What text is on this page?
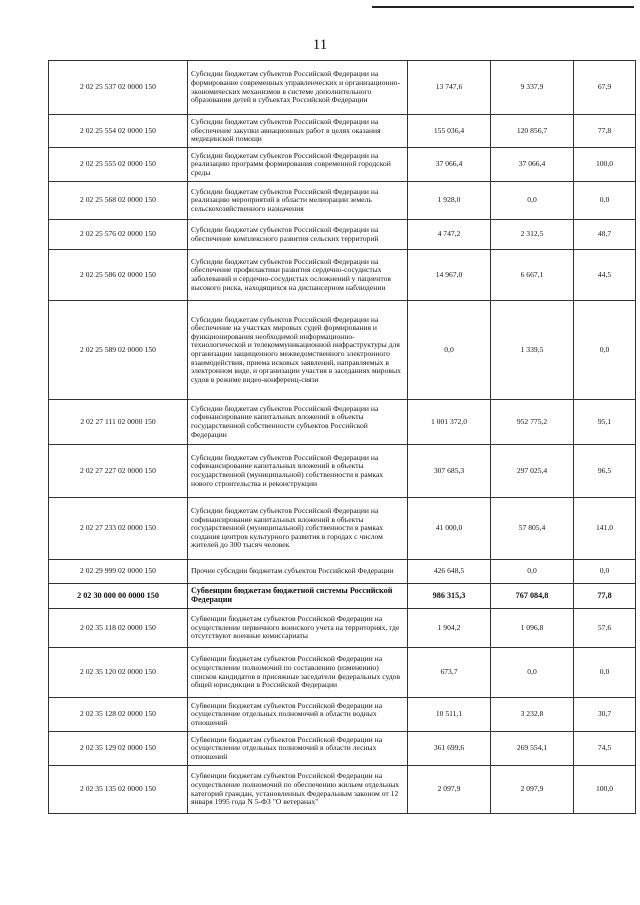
11
2 02 25 537 02 0000 150	Субсидии бюджетам субъектов Российской Федерации на формирование современных управленческих и организационно-экономических механизмов в системе дополнительного образования детей в субъектах Российской Федерации	13 747,6	9 337,9	67,9
2 02 25 554 02 0000 150	Субсидии бюджетам субъектов Российской Федерации на обеспечение закупки авиационных работ в целях оказания медицинской помощи	155 036,4	120 856,7	77,8
2 02 25 555 02 0000 150	Субсидии бюджетам субъектов Российской Федерации на реализацию программ формирования современной городской среды	37 066,4	37 066,4	100,0
2 02 25 568 02 0000 150	Субсидии бюджетам субъектов Российской Федерации на реализацию мероприятий в области мелиорации земель сельскохозяйственного назначения	1 928,0	0,0	0,0
2 02 25 576 02 0000 150	Субсидии бюджетам субъектов Российской Федерации на обеспечение комплексного развития сельских территорий	4 747,2	2 312,5	48,7
2 02 25 586 02 0000 150	Субсидии бюджетам субъектов Российской Федерации на обеспечение профилактики развития сердечно-сосудистых заболеваний и сердечно-сосудистых осложнений у пациентов высокого риска, находящихся на диспансерном наблюдении	14 967,0	6 667,1	44,5
2 02 25 589 02 0000 150	Субсидии бюджетам субъектов Российской Федерации на обеспечение на участках мировых судей формирования и функционирования необходимой информационно-технологической и телекоммуникационной инфраструктуры для организации защищенного межведомственного электронного взаимодействия, приема исковых заявлений, направляемых в электронном виде, и организации участия в заседаниях мировых судов в режиме видео-конференц-связи	0,0	1 339,5	0,0
2 02 27 111 02 0000 150	Субсидии бюджетам субъектов Российской Федерации на софинансирование капитальных вложений в объекты государственной собственности субъектов Российской Федерации	1 001 372,0	952 775,2	95,1
2 02 27 227 02 0000 150	Субсидии бюджетам субъектов Российской Федерации на софинансирование капитальных вложений в объекты государственной (муниципальной) собственности в рамках нового строительства и реконструкции	307 685,3	297 025,4	96,5
2 02 27 233 02 0000 150	Субсидии бюджетам субъектов Российской Федерации на софинансирование капитальных вложений в объекты государственной (муниципальной) собственности в рамках создания центров культурного развития в городах с числом жителей до 300 тысяч человек	41 000,0	57 805,4	141,0
2 02 29 999 02 0000 150	Прочие субсидии бюджетам субъектов Российской Федерации	426 648,5	0,0	0,0
2 02 30 000 00 0000 150	Субвенции бюджетам бюджетной системы Российской Федерации	986 315,3	767 084,8	77,8
2 02 35 118 02 0000 150	Субвенции бюджетам субъектов Российской Федерации на осуществление первичного воинского учета на территориях, где отсутствуют военные комиссариаты	1 904,2	1 096,8	57,6
2 02 35 120 02 0000 150	Субвенции бюджетам субъектов Российской Федерации на осуществление полномочий по составлению (изменению) списков кандидатов в присяжные заседатели федеральных судов общей юрисдикции в Российской Федерации	673,7	0,0	0,0
2 02 35 128 02 0000 150	Субвенции бюджетам субъектов Российской Федерации на осуществление отдельных полномочий в области водных отношений	10 511,1	3 232,8	30,7
2 02 35 129 02 0000 150	Субвенции бюджетам субъектов Российской Федерации на осуществление отдельных полномочий в области лесных отношений	361 699,6	269 554,1	74,5
2 02 35 135 02 0000 150	Субвенции бюджетам субъектов Российской Федерации на осуществление полномочий по обеспечению жильем отдельных категорий граждан, установленных Федеральным законом от 12 января 1995 года N 5-ФЗ "О ветеранах"	2 097,9	2 097,9	100,0
